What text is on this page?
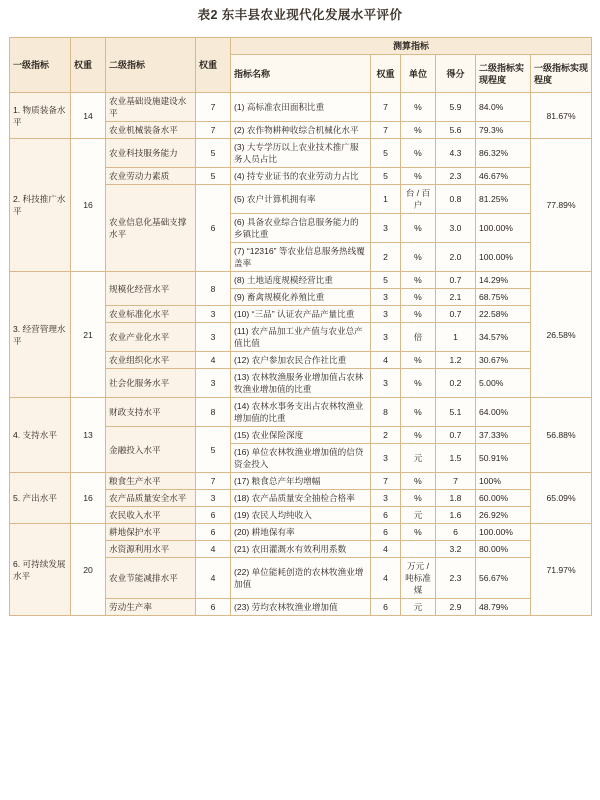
表2 东丰县农业现代化发展水平评价
一级指标	权重	二级指标	权重	测算指标					
				指标名称	权重	单位	得分	二级指标实现程度	一级指标实现程度
1. 物质装备水平	14	农业基础设施建设水平	7	(1) 高标准农田面积比重	7	%	5.9	84.0%	81.67%
		农业机械装备水平	7	(2) 农作物耕种收综合机械化水平	7	%	5.6	79.3%	
2. 科技推广水平	16	农业科技服务能力	5	(3) 大专学历以上农业技术推广服务人员占比	5	%	4.3	86.32%	77.89%
		农业劳动力素质	5	(4) 持专业证书的农业劳动力占比	5	%	2.3	46.67%	
		农业信息化基础支撑水平	6	(5) 农户计算机拥有率	1	台 / 百户	0.8	81.25%	
				(6) 具备农业综合信息服务能力的乡镇比重	3	%	3.0	100.00%	
				(7) “12316” 等农业信息服务热线覆盖率	2	%	2.0	100.00%	
3. 经营管理水平	21	规模化经营水平	8	(8) 土地适度规模经营比重	5	%	0.7	14.29%	26.58%
				(9) 畜禽规模化养殖比重	3	%	2.1	68.75%	
		农业标准化水平	3	(10) “三品” 认证农产品产量比重	3	%	0.7	22.58%	
		农业产业化水平	3	(11) 农产品加工业产值与农业总产值比值	3	倍	1	34.57%	
		农业组织化水平	4	(12) 农户参加农民合作社比重	4	%	1.2	30.67%	
		社会化服务水平	3	(13) 农林牧渔服务业增加值占农林牧渔业增加值的比重	3	%	0.2	5.00%	
4. 支持水平	13	财政支持水平	8	(14) 农林水事务支出占农林牧渔业增加值的比重	8	%	5.1	64.00%	56.88%
		金融投入水平	5	(15) 农业保险深度	2	%	0.7	37.33%	
				(16) 单位农林牧渔业增加值的信贷资金投入	3	元	1.5	50.91%	
5. 产出水平	16	粮食生产水平	7	(17) 粮食总产年均增幅	7	%	7	100%	65.09%
		农产品质量安全水平	3	(18) 农产品质量安全抽检合格率	3	%	1.8	60.00%	
		农民收入水平	6	(19) 农民人均纯收入	6	元	1.6	26.92%	
6. 可持续发展水平	20	耕地保护水平	6	(20) 耕地保有率	6	%	6	100.00%	71.97%
		水资源利用水平	4	(21) 农田灌溉水有效利用系数	4		3.2	80.00%	
		农业节能减排水平	4	(22) 单位能耗创造的农林牧渔业增加值	4	万元 / 吨标准煤	2.3	56.67%	
		劳动生产率	6	(23) 劳均农林牧渔业增加值	6	元	2.9	48.79%	
